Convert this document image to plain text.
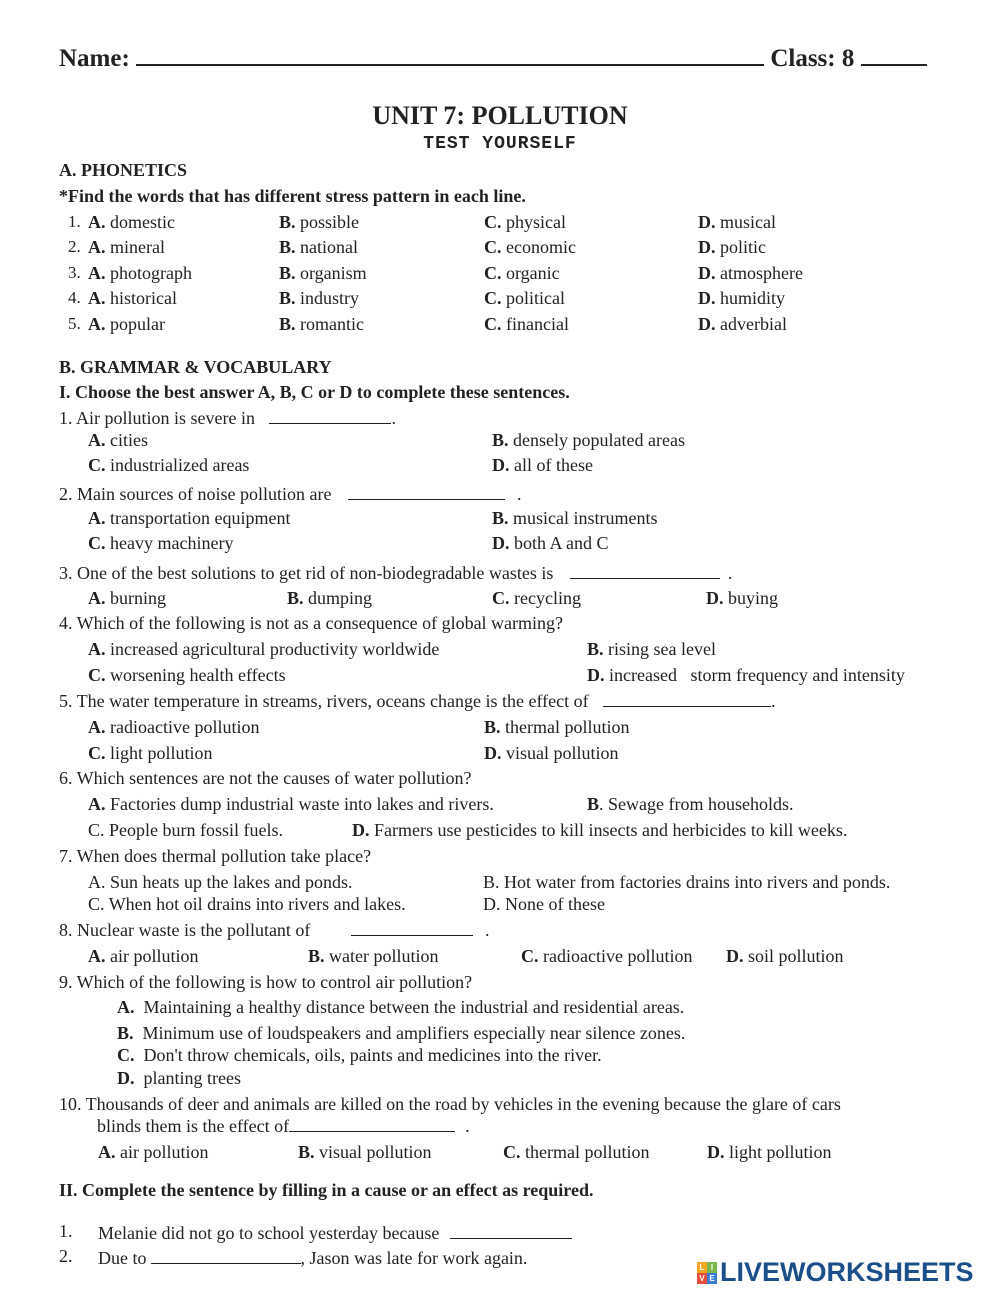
Name:	Class: 8
UNIT 7: POLLUTION
TEST YOURSELF
A. PHONETICS
*Find the words that has different stress pattern in each line.
1. A. domestic	B. possible	C. physical	D. musical
2. A. mineral	B. national	C. economic	D. politic
3. A. photograph	B. organism	C. organic	D. atmosphere
4. A. historical	B. industry	C. political	D. humidity
5. A. popular	B. romantic	C. financial	D. adverbial
B. GRAMMAR & VOCABULARY
I. Choose the best answer A, B, C or D to complete these sentences.
1. Air pollution is severe in	.
A. cities	B. densely populated areas
C. industrialized areas	D. all of these
2. Main sources of noise pollution are	.
A. transportation equipment	B. musical instruments
C. heavy machinery	D. both A and C
3. One of the best solutions to get rid of non-biodegradable wastes is	.
A. burning	B. dumping	C. recycling	D. buying
4. Which of the following is not as a consequence of global warming?
A. increased agricultural productivity worldwide	B. rising sea level
C. worsening health effects	D. increased   storm frequency and intensity
5. The water temperature in streams, rivers, oceans change is the effect of	.
A. radioactive pollution	B. thermal pollution
C. light pollution	D. visual pollution
6. Which sentences are not the causes of water pollution?
A. Factories dump industrial waste into lakes and rivers.	B. Sewage from households.
C. People burn fossil fuels.	D. Farmers use pesticides to kill insects and herbicides to kill weeks.
7. When does thermal pollution take place?
A. Sun heats up the lakes and ponds.	B. Hot water from factories drains into rivers and ponds.
C. When hot oil drains into rivers and lakes.	D. None of these
8. Nuclear waste is the pollutant of	.
A. air pollution	B. water pollution	C. radioactive pollution D. soil pollution
9. Which of the following is how to control air pollution?
A. Maintaining a healthy distance between the industrial and residential areas.
B. Minimum use of loudspeakers and amplifiers especially near silence zones.
C. Don't throw chemicals, oils, paints and medicines into the river.
D. planting trees
10. Thousands of deer and animals are killed on the road by vehicles in the evening because the glare of cars
blinds them is the effect of	.
A. air pollution	B. visual pollution	C. thermal pollution	D. light pollution
II. Complete the sentence by filling in a cause or an effect as required.
1. Melanie did not go to school yesterday because
2. Due to	, Jason was late for work again.	L I
V E LIVEWORKSHEETS
